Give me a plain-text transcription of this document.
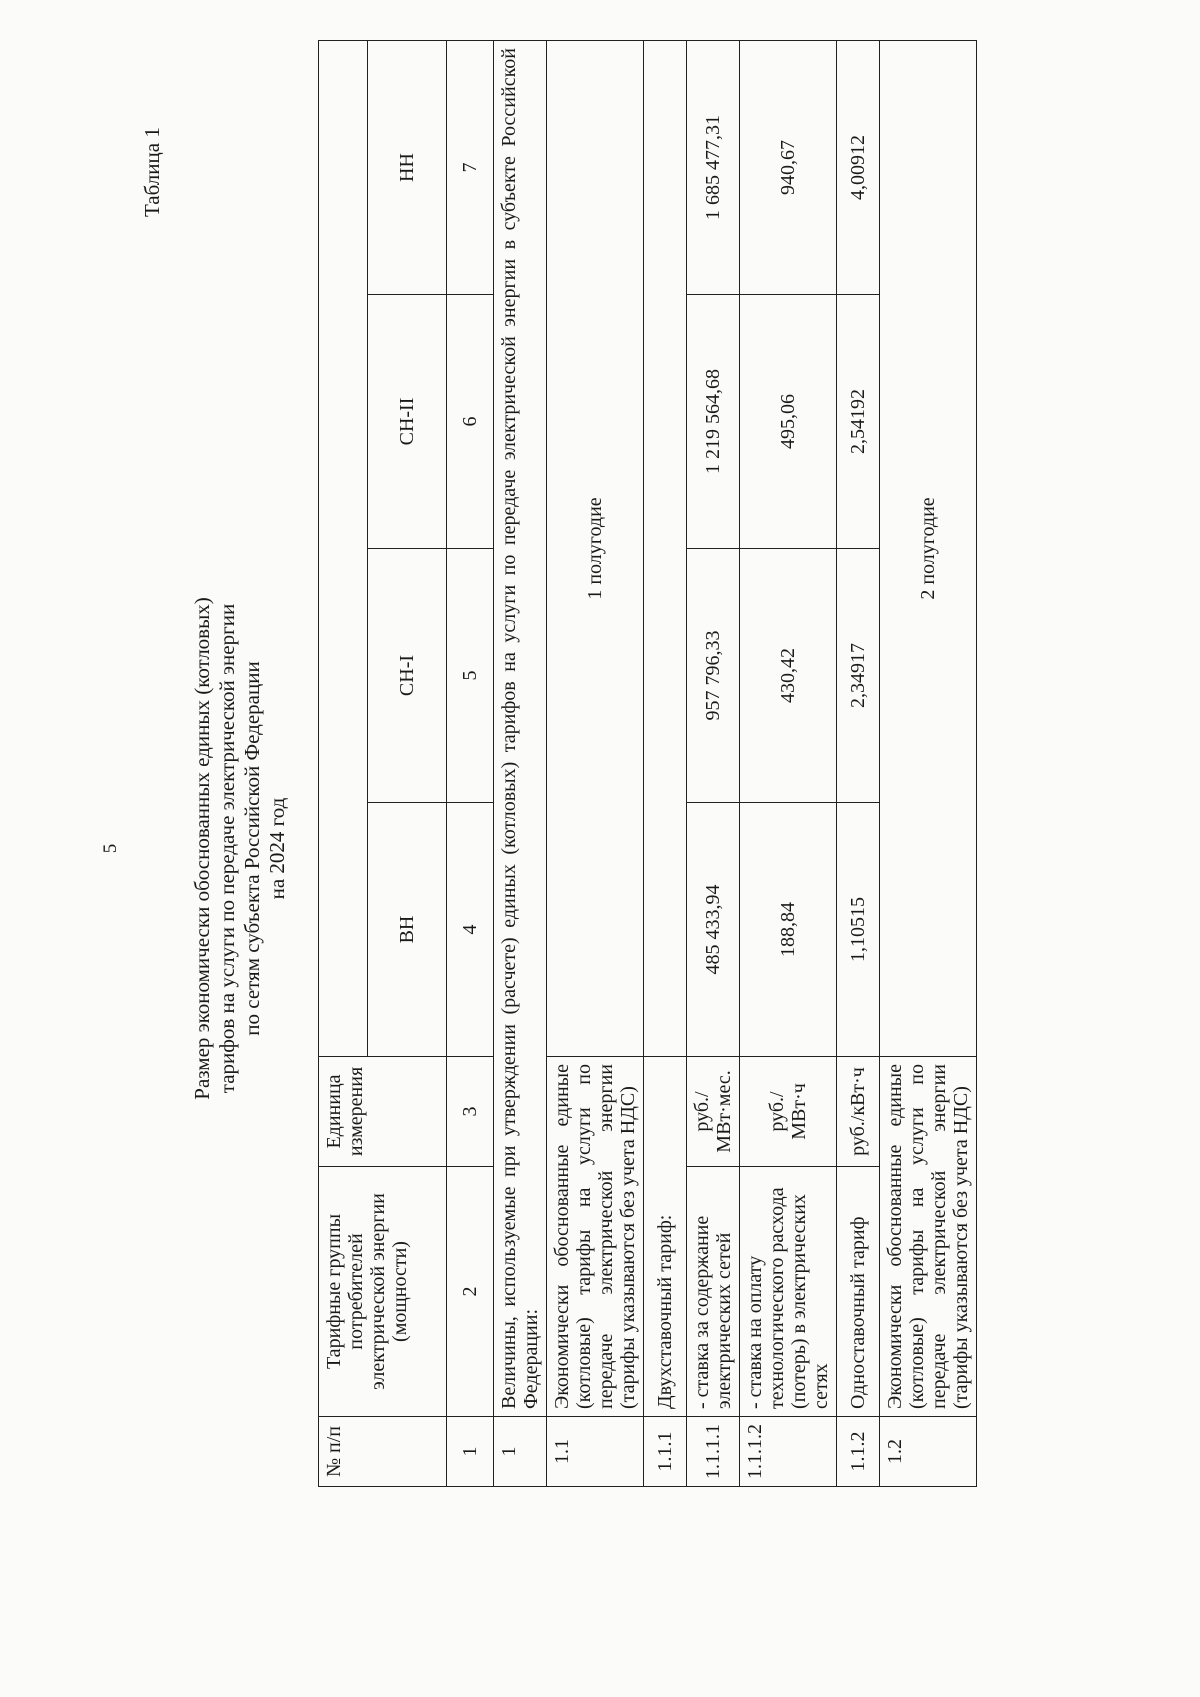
5
Таблица 1
Размер экономически обоснованных единых (котловых) тарифов на услуги по передаче электрической энергии по сетям субъекта Российской Федерации на 2024 год
№ п/п	Тарифные группы потребителей электрической энергии (мощности)	Единица измерения				
			ВН	СН-I	СН-II	НН
1	2	3	4	5	6	7
1	Величины, используемые при утверждении (расчете) единых (котловых) тарифов на услуги по передаче электрической энергии в субъекте Российской Федерации:					
1.1	Экономически обоснованные единые (котловые) тарифы на услуги по передаче электрической энергии (тарифы указываются без учета НДС)		1 полугодие			
1.1.1	Двухставочный тариф:					
1.1.1.1	- ставка за содержание электрических сетей	руб./ МВт·мес.	485 433,94	957 796,33	1 219 564,68	1 685 477,31
1.1.1.2	- ставка на оплату технологического расхода (потерь) в электрических сетях	руб./МВт·ч	188,84	430,42	495,06	940,67
1.1.2	Одноставочный тариф	руб./кВт·ч	1,10515	2,34917	2,54192	4,00912
1.2	Экономически обоснованные единые (котловые) тарифы на услуги по передаче электрической энергии (тарифы указываются без учета НДС)		2 полугодие			
